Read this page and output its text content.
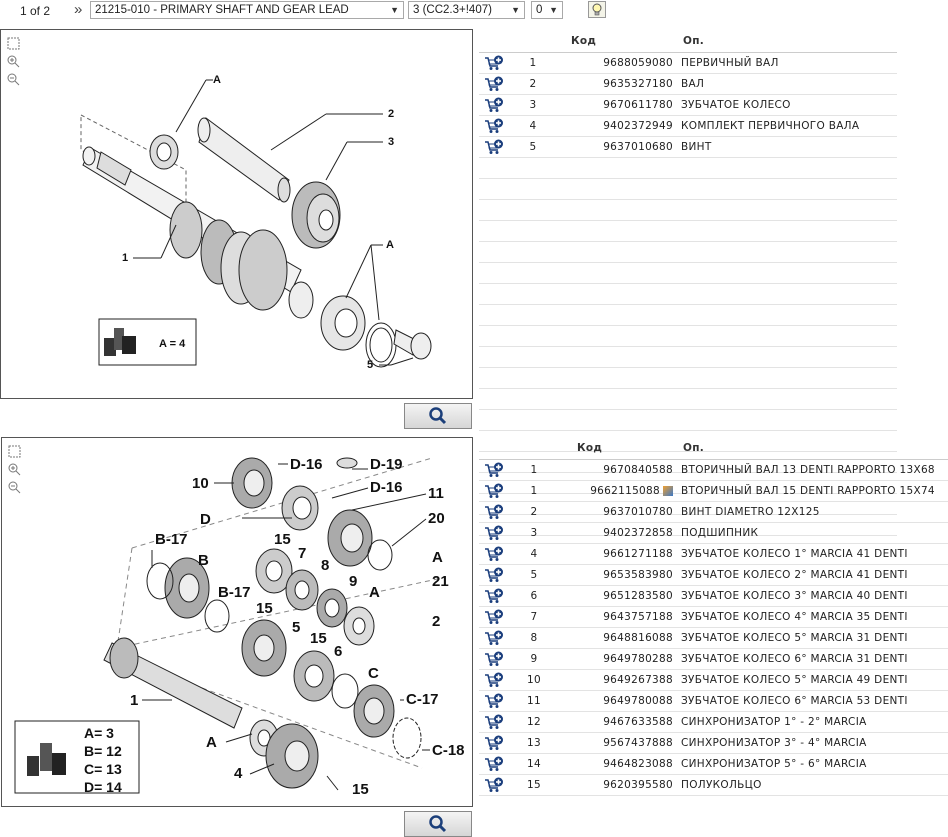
1 of 2 » 21215-010 - PRIMARY SHAFT AND GEAR LEAD	▼ 3 (CC2.3+!407) ▼ 0 ▼
A
2
3
1
A
5
A = 4
		Код	Оп.
	1	9688059080	ПЕРВИЧНЫЙ ВАЛ
	2	9635327180	ВАЛ
	3	9670611780	ЗУБЧАТОЕ КОЛЕСО
	4	9402372949	КОМПЛЕКТ ПЕРВИЧНОГО ВАЛА
	5	9637010680	ВИНТ

A= 3
B= 12
C= 13
D= 14
10
D-16	D-19
D-16 11
D	20
B-17	15
7
B	8	A
21
9
B-17
15
A
2
5
15
6
C
1	C-17
A
4
C-18
15
		Код	Оп.
	1	9670840588	ВТОРИЧНЫЙ ВАЛ 13 DENTI RAPPORTO 13X68
	1	9662115088	ВТОРИЧНЫЙ ВАЛ 15 DENTI RAPPORTO 15X74
	2	9637010780	ВИНТ DIAMETRO 12X125
	3	9402372858	ПОДШИПНИК
	4	9661271188	ЗУБЧАТОЕ КОЛЕСО 1° MARCIA 41 DENTI
	5	9653583980	ЗУБЧАТОЕ КОЛЕСО 2° MARCIA 41 DENTI
	6	9651283580	ЗУБЧАТОЕ КОЛЕСО 3° MARCIA 40 DENTI
	7	9643757188	ЗУБЧАТОЕ КОЛЕСО 4° MARCIA 35 DENTI
	8	9648816088	ЗУБЧАТОЕ КОЛЕСО 5° MARCIA 31 DENTI
	9	9649780288	ЗУБЧАТОЕ КОЛЕСО 6° MARCIA 31 DENTI
	10	9649267388	ЗУБЧАТОЕ КОЛЕСО 5° MARCIA 49 DENTI
	11	9649780088	ЗУБЧАТОЕ КОЛЕСО 6° MARCIA 53 DENTI
	12	9467633588	СИНХРОНИЗАТОР 1° - 2° MARCIA
	13	9567437888	СИНХРОНИЗАТОР 3° - 4° MARCIA
	14	9464823088	СИНХРОНИЗАТОР 5° - 6° MARCIA
	15	9620395580	ПОЛУКОЛЬЦО
